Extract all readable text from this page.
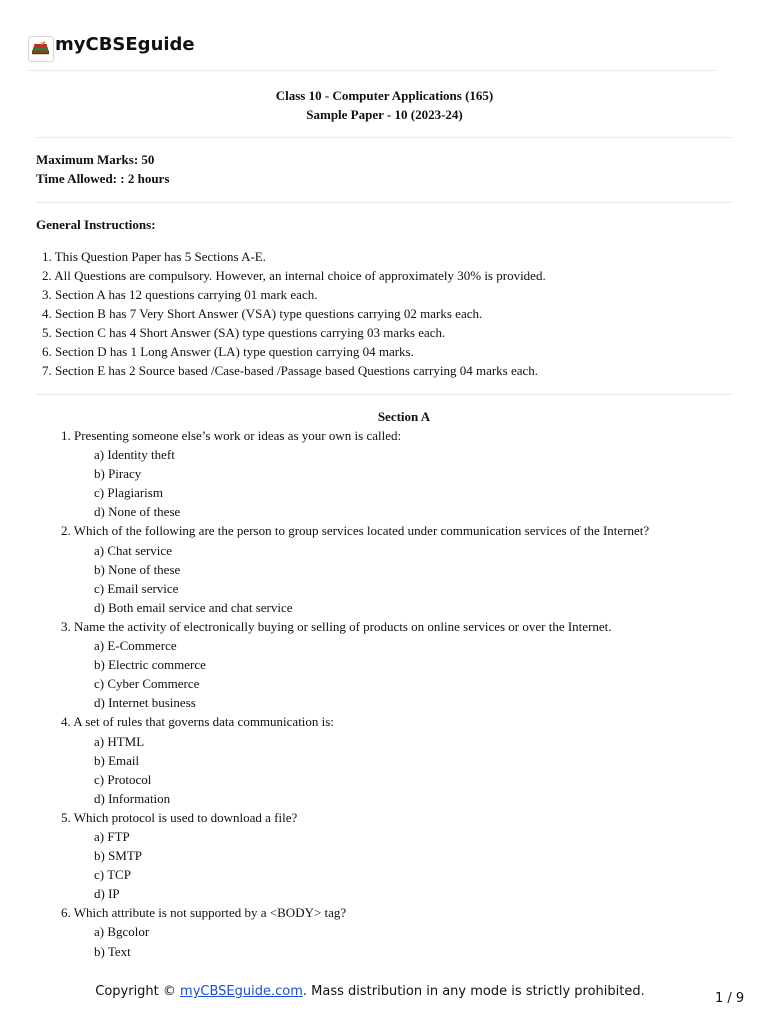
myCBSEguide
Class 10 - Computer Applications (165)
Sample Paper - 10 (2023-24)
Maximum Marks: 50
Time Allowed: : 2 hours
General Instructions:
1. This Question Paper has 5 Sections A-E.
2. All Questions are compulsory. However, an internal choice of approximately 30% is provided.
3. Section A has 12 questions carrying 01 mark each.
4. Section B has 7 Very Short Answer (VSA) type questions carrying 02 marks each.
5. Section C has 4 Short Answer (SA) type questions carrying 03 marks each.
6. Section D has 1 Long Answer (LA) type question carrying 04 marks.
7. Section E has 2 Source based /Case-based /Passage based Questions carrying 04 marks each.
Section A
1. Presenting someone else’s work or ideas as your own is called:
a) Identity theft
b) Piracy
c) Plagiarism
d) None of these
2. Which of the following are the person to group services located under communication services of the Internet?
a) Chat service
b) None of these
c) Email service
d) Both email service and chat service
3. Name the activity of electronically buying or selling of products on online services or over the Internet.
a) E-Commerce
b) Electric commerce
c) Cyber Commerce
d) Internet business
4. A set of rules that governs data communication is:
a) HTML
b) Email
c) Protocol
d) Information
5. Which protocol is used to download a file?
a) FTP
b) SMTP
c) TCP
d) IP
6. Which attribute is not supported by a <BODY> tag?
a) Bgcolor
b) Text
Copyright © myCBSEguide.com. Mass distribution in any mode is strictly prohibited.	1 / 9
